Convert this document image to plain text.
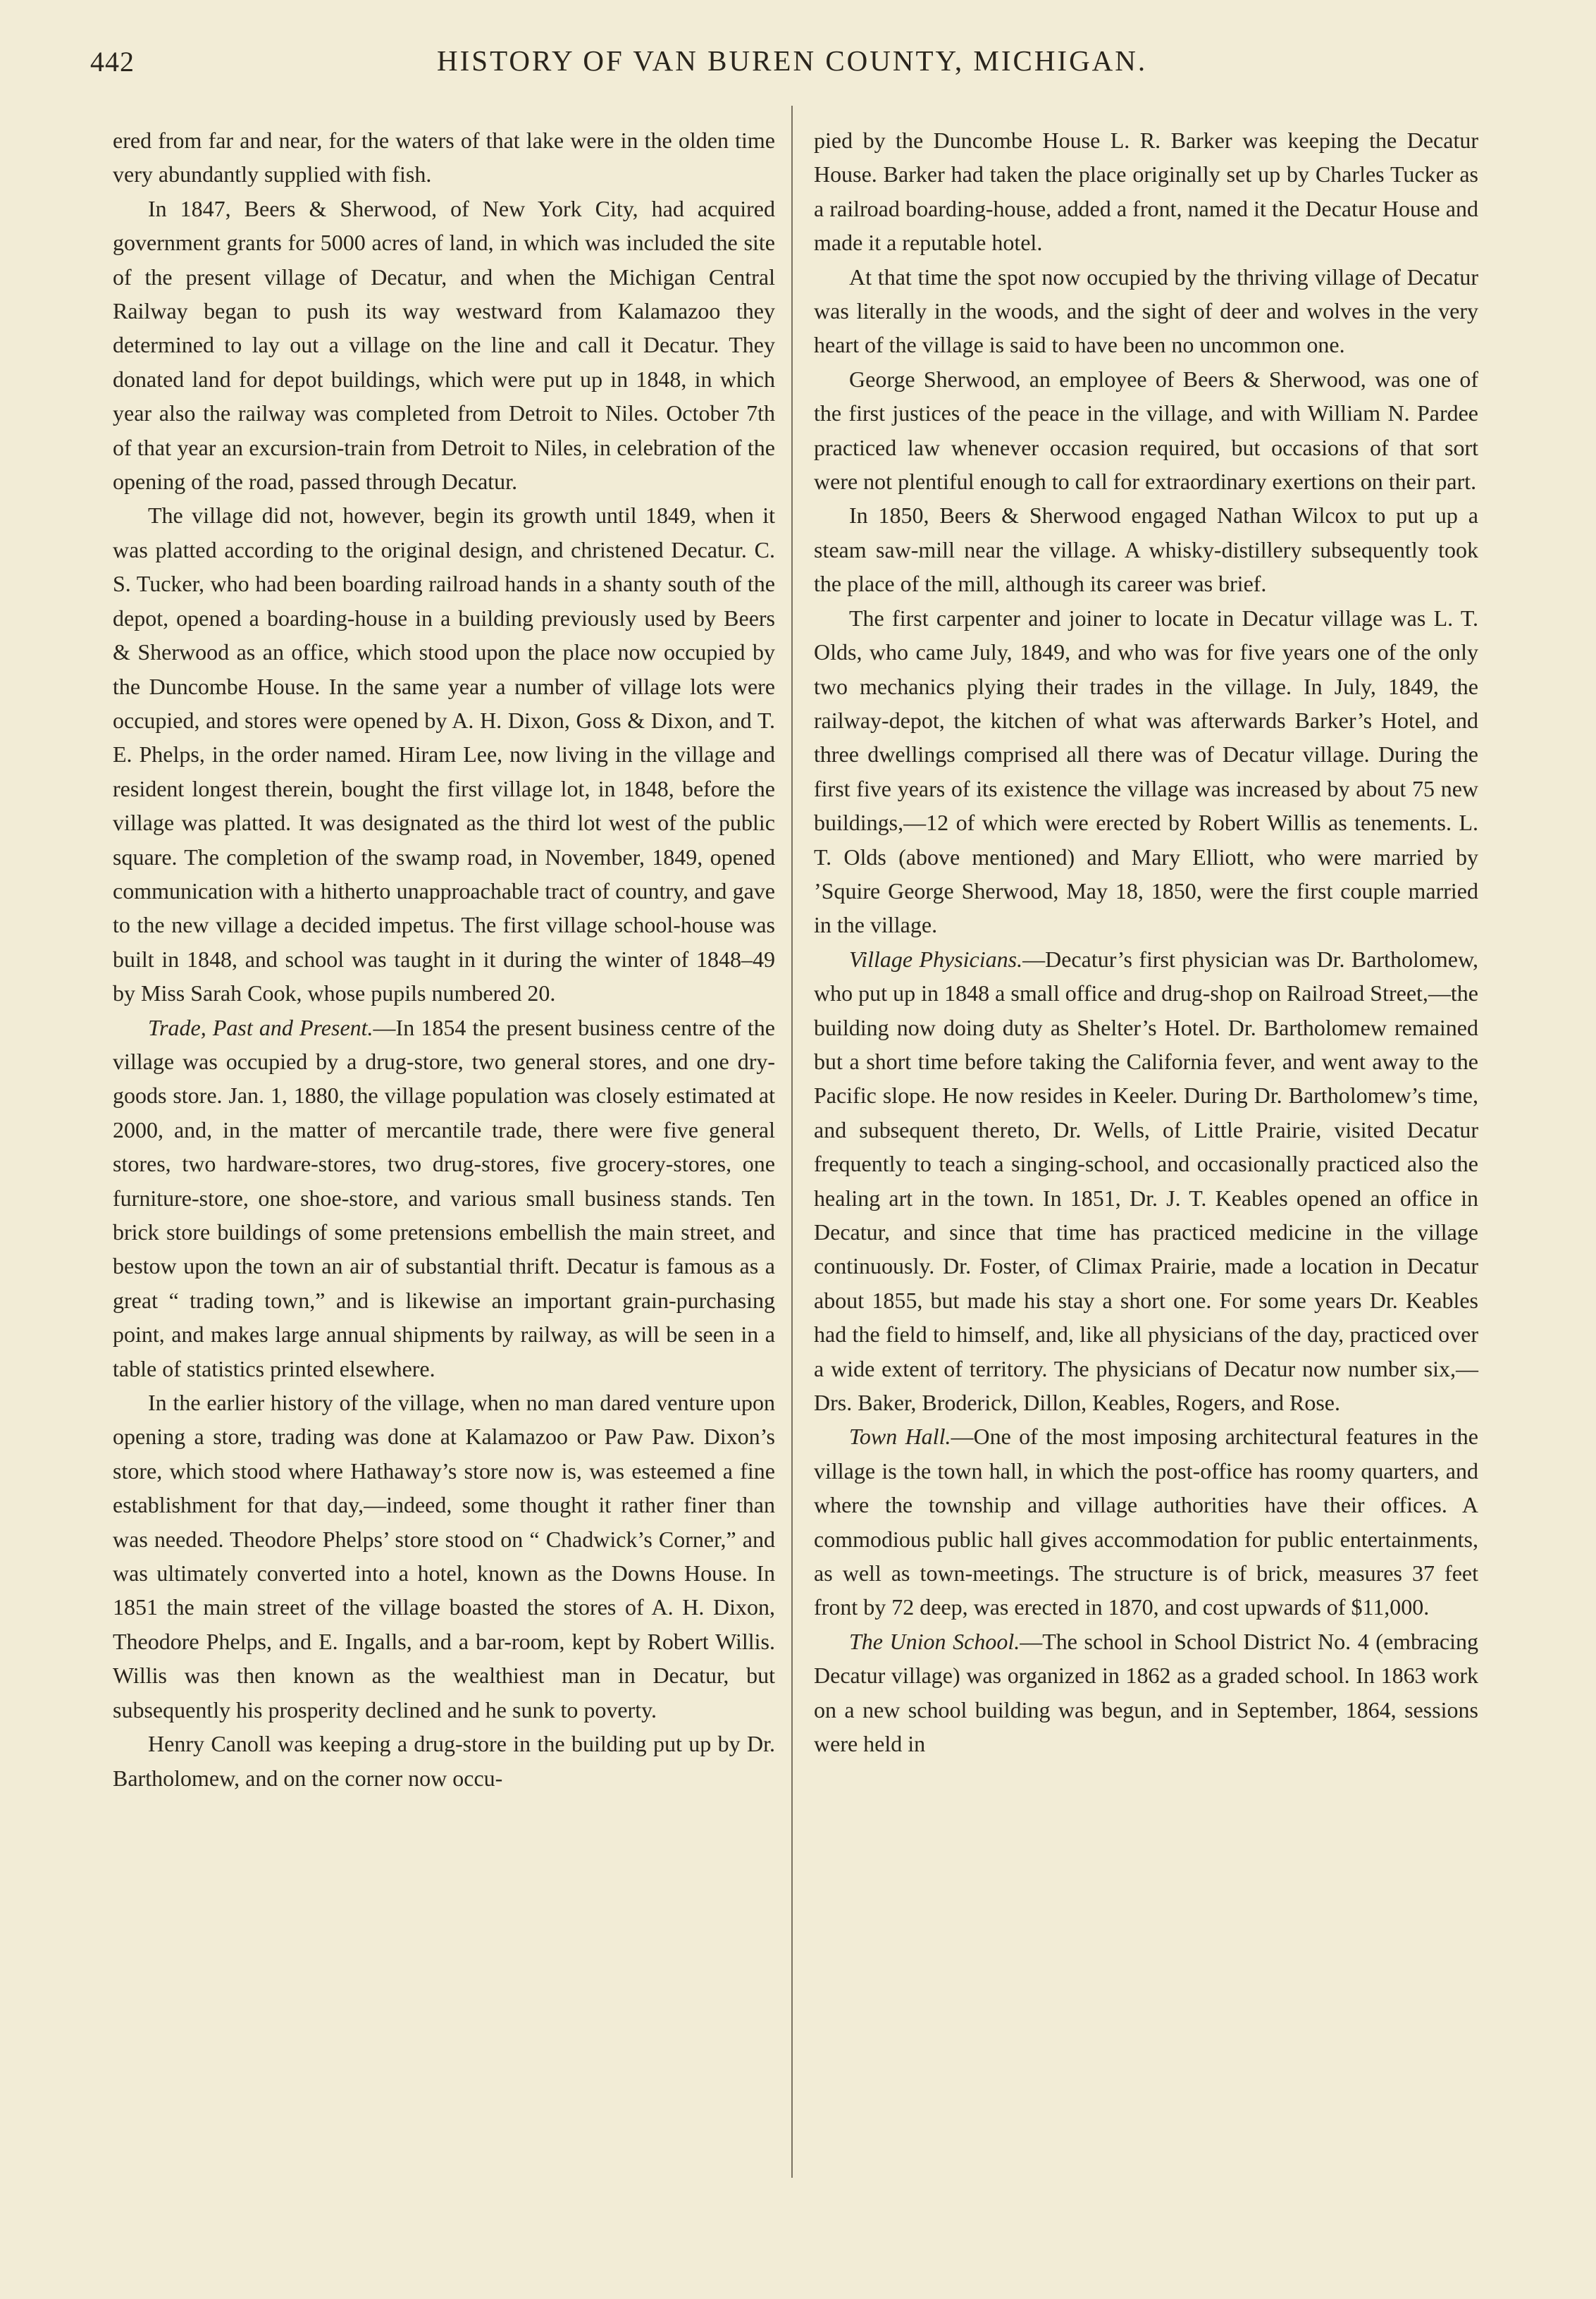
442	HISTORY OF VAN BUREN COUNTY, MICHIGAN.

ered from far and near, for the waters of that lake were in the olden time very abundantly supplied with fish.

In 1847, Beers & Sherwood, of New York City, had acquired government grants for 5000 acres of land, in which was included the site of the present village of Decatur, and when the Michigan Central Railway began to push its way westward from Kalamazoo they determined to lay out a village on the line and call it Decatur. They donated land for depot buildings, which were put up in 1848, in which year also the railway was completed from Detroit to Niles. October 7th of that year an excursion-train from Detroit to Niles, in celebration of the opening of the road, passed through Decatur.

The village did not, however, begin its growth until 1849, when it was platted according to the original design, and christened Decatur. C. S. Tucker, who had been boarding railroad hands in a shanty south of the depot, opened a boarding-house in a building previously used by Beers & Sherwood as an office, which stood upon the place now occupied by the Duncombe House. In the same year a number of village lots were occupied, and stores were opened by A. H. Dixon, Goss & Dixon, and T. E. Phelps, in the order named. Hiram Lee, now living in the village and resident longest therein, bought the first village lot, in 1848, before the village was platted. It was designated as the third lot west of the public square. The completion of the swamp road, in November, 1849, opened communication with a hitherto unapproachable tract of country, and gave to the new village a decided impetus. The first village school-house was built in 1848, and school was taught in it during the winter of 1848–49 by Miss Sarah Cook, whose pupils numbered 20.

Trade, Past and Present.—In 1854 the present business centre of the village was occupied by a drug-store, two general stores, and one dry-goods store. Jan. 1, 1880, the village population was closely estimated at 2000, and, in the matter of mercantile trade, there were five general stores, two hardware-stores, two drug-stores, five grocery-stores, one furniture-store, one shoe-store, and various small business stands. Ten brick store buildings of some pretensions embellish the main street, and bestow upon the town an air of substantial thrift. Decatur is famous as a great “ trading town,” and is likewise an important grain-purchasing point, and makes large annual shipments by railway, as will be seen in a table of statistics printed elsewhere.

In the earlier history of the village, when no man dared venture upon opening a store, trading was done at Kalamazoo or Paw Paw. Dixon’s store, which stood where Hathaway’s store now is, was esteemed a fine establishment for that day,—indeed, some thought it rather finer than was needed. Theodore Phelps’ store stood on “ Chadwick’s Corner,” and was ultimately converted into a hotel, known as the Downs House. In 1851 the main street of the village boasted the stores of A. H. Dixon, Theodore Phelps, and E. Ingalls, and a bar-room, kept by Robert Willis. Willis was then known as the wealthiest man in Decatur, but subsequently his prosperity declined and he sunk to poverty.

Henry Canoll was keeping a drug-store in the building put up by Dr. Bartholomew, and on the corner now occu-

pied by the Duncombe House L. R. Barker was keeping the Decatur House. Barker had taken the place originally set up by Charles Tucker as a railroad boarding-house, added a front, named it the Decatur House and made it a reputable hotel.

At that time the spot now occupied by the thriving village of Decatur was literally in the woods, and the sight of deer and wolves in the very heart of the village is said to have been no uncommon one.

George Sherwood, an employee of Beers & Sherwood, was one of the first justices of the peace in the village, and with William N. Pardee practiced law whenever occasion required, but occasions of that sort were not plentiful enough to call for extraordinary exertions on their part.

In 1850, Beers & Sherwood engaged Nathan Wilcox to put up a steam saw-mill near the village. A whisky-distillery subsequently took the place of the mill, although its career was brief.

The first carpenter and joiner to locate in Decatur village was L. T. Olds, who came July, 1849, and who was for five years one of the only two mechanics plying their trades in the village. In July, 1849, the railway-depot, the kitchen of what was afterwards Barker’s Hotel, and three dwellings comprised all there was of Decatur village. During the first five years of its existence the village was increased by about 75 new buildings,—12 of which were erected by Robert Willis as tenements. L. T. Olds (above mentioned) and Mary Elliott, who were married by ’Squire George Sherwood, May 18, 1850, were the first couple married in the village.

Village Physicians.—Decatur’s first physician was Dr. Bartholomew, who put up in 1848 a small office and drug-shop on Railroad Street,—the building now doing duty as Shelter’s Hotel. Dr. Bartholomew remained but a short time before taking the California fever, and went away to the Pacific slope. He now resides in Keeler. During Dr. Bartholomew’s time, and subsequent thereto, Dr. Wells, of Little Prairie, visited Decatur frequently to teach a singing-school, and occasionally practiced also the healing art in the town. In 1851, Dr. J. T. Keables opened an office in Decatur, and since that time has practiced medicine in the village continuously. Dr. Foster, of Climax Prairie, made a location in Decatur about 1855, but made his stay a short one. For some years Dr. Keables had the field to himself, and, like all physicians of the day, practiced over a wide extent of territory. The physicians of Decatur now number six,—Drs. Baker, Broderick, Dillon, Keables, Rogers, and Rose.

Town Hall.—One of the most imposing architectural features in the village is the town hall, in which the post-office has roomy quarters, and where the township and village authorities have their offices. A commodious public hall gives accommodation for public entertainments, as well as town-meetings. The structure is of brick, measures 37 feet front by 72 deep, was erected in 1870, and cost upwards of $11,000.

The Union School.—The school in School District No. 4 (embracing Decatur village) was organized in 1862 as a graded school. In 1863 work on a new school building was begun, and in September, 1864, sessions were held in
